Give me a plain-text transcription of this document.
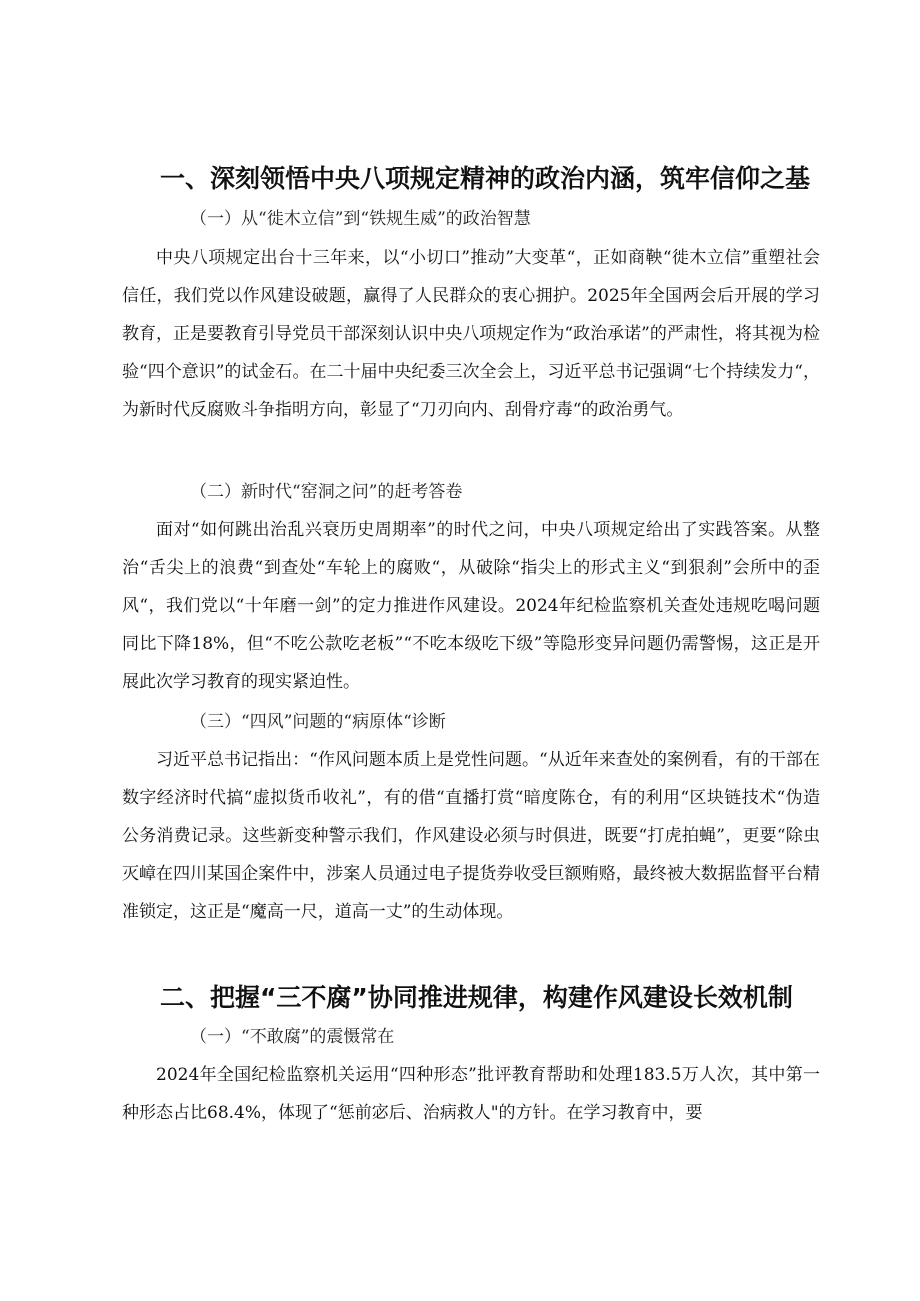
一、深刻领悟中央八项规定精神的政治内涵，筑牢信仰之基
（一）从“徙木立信”到“铁规生威”的政治智慧
中央八项规定出台十三年来，以“小切口”推动”大变革“，正如商鞅“徙木立信”重塑社会信任，我们党以作风建设破题，赢得了人民群众的衷心拥护。2025年全国两会后开展的学习教育，正是要教育引导党员干部深刻认识中央八项规定作为“政治承诺”的严肃性，将其视为检验“四个意识”的试金石。在二十届中央纪委三次全会上，习近平总书记强调“七个持续发力“，为新时代反腐败斗争指明方向，彰显了“刀刃向内、刮骨疗毒“的政治勇气。
（二）新时代“窑洞之问”的赶考答卷
面对“如何跳出治乱兴衰历史周期率”的时代之问，中央八项规定给出了实践答案。从整治“舌尖上的浪费“到查处“车轮上的腐败“，从破除“指尖上的形式主义“到狠刹”会所中的歪风“，我们党以“十年磨一剑”的定力推进作风建设。2024年纪检监察机关查处违规吃喝问题同比下降18%，但“不吃公款吃老板”“不吃本级吃下级”等隐形变异问题仍需警惕，这正是开展此次学习教育的现实紧迫性。
（三）“四风”问题的“病原体“诊断
习近平总书记指出：“作风问题本质上是党性问题。“从近年来查处的案例看，有的干部在数字经济时代搞“虚拟货币收礼”，有的借“直播打赏“暗度陈仓，有的利用“区块链技术“伪造公务消费记录。这些新变种警示我们，作风建设必须与时俱进，既要“打虎拍蝇”，更要“除虫灭嶂在四川某国企案件中，涉案人员通过电子提货券收受巨额贿赂，最终被大数据监督平台精准锁定，这正是“魔高一尺，道高一丈”的生动体现。
二、把握“三不腐”协同推进规律，构建作风建设长效机制
（一）“不敢腐”的震慑常在
2024年全国纪检监察机关运用“四种形态”批评教育帮助和处理183.5万人次，其中第一种形态占比68.4%，体现了“惩前宓后、治病救人"的方针。在学习教育中，要
